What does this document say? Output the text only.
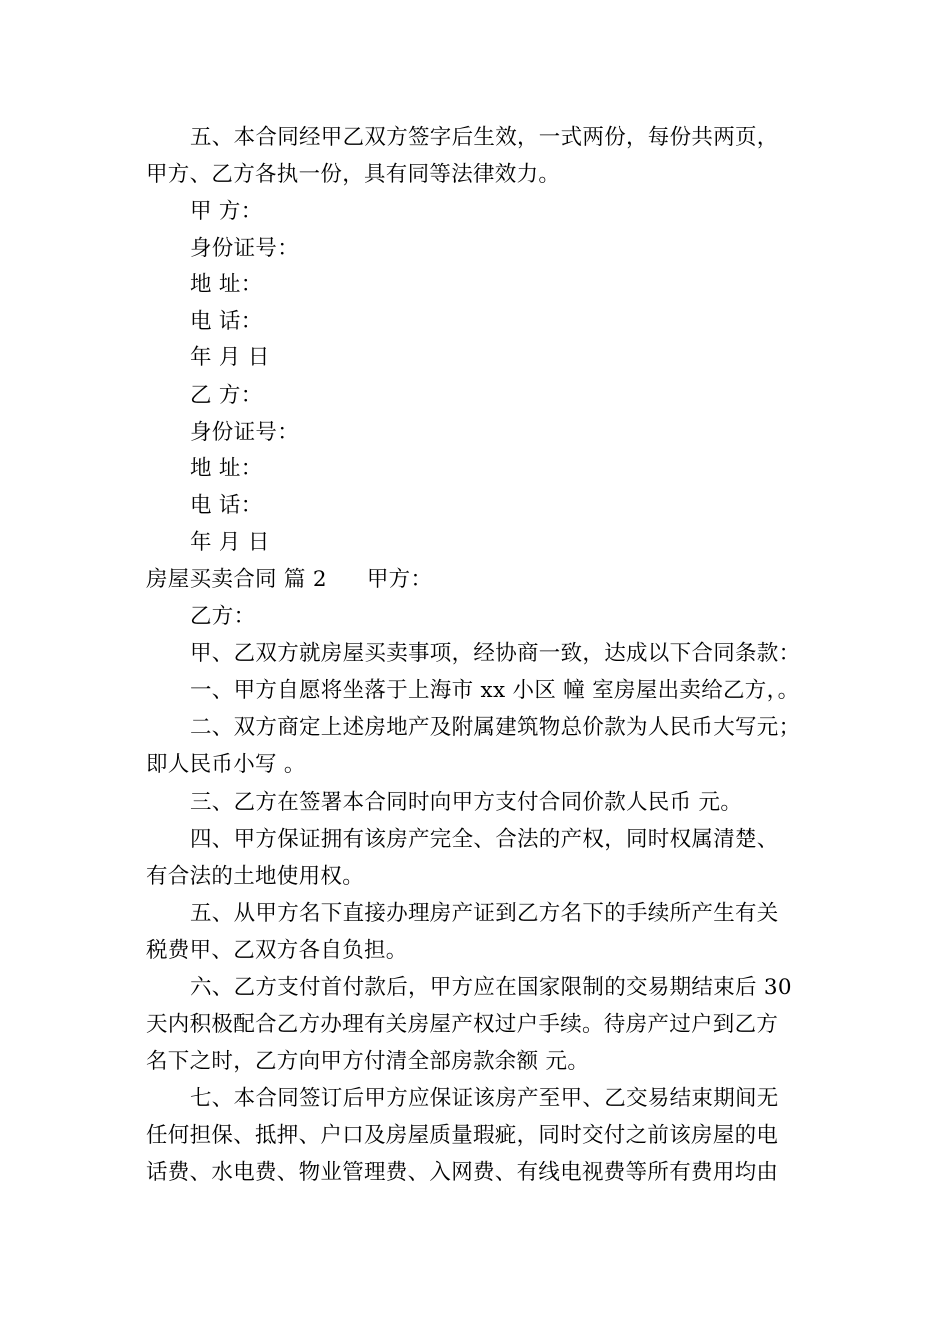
五、本合同经甲乙双方签字后生效，一式两份，每份共两页，
甲方、乙方各执一份，具有同等法律效力。
甲 方：
身份证号：
地 址：
电 话：
年 月 日
乙 方：
身份证号：
地 址：
电 话：
年 月 日
房屋买卖合同 篇 2 甲方：
乙方：
甲、乙双方就房屋买卖事项，经协商一致，达成以下合同条款：
一、甲方自愿将坐落于上海市 xx 小区 幢 室房屋出卖给乙方，。
二、双方商定上述房地产及附属建筑物总价款为人民币大写元；
即人民币小写 。
三、乙方在签署本合同时向甲方支付合同价款人民币 元。
四、甲方保证拥有该房产完全、合法的产权，同时权属清楚、
有合法的土地使用权。
五、从甲方名下直接办理房产证到乙方名下的手续所产生有关
税费甲、乙双方各自负担。
六、乙方支付首付款后，甲方应在国家限制的交易期结束后 30
天内积极配合乙方办理有关房屋产权过户手续。待房产过户到乙方
名下之时，乙方向甲方付清全部房款余额 元。
七、本合同签订后甲方应保证该房产至甲、乙交易结束期间无
任何担保、抵押、户口及房屋质量瑕疵，同时交付之前该房屋的电
话费、水电费、物业管理费、入网费、有线电视费等所有费用均由
